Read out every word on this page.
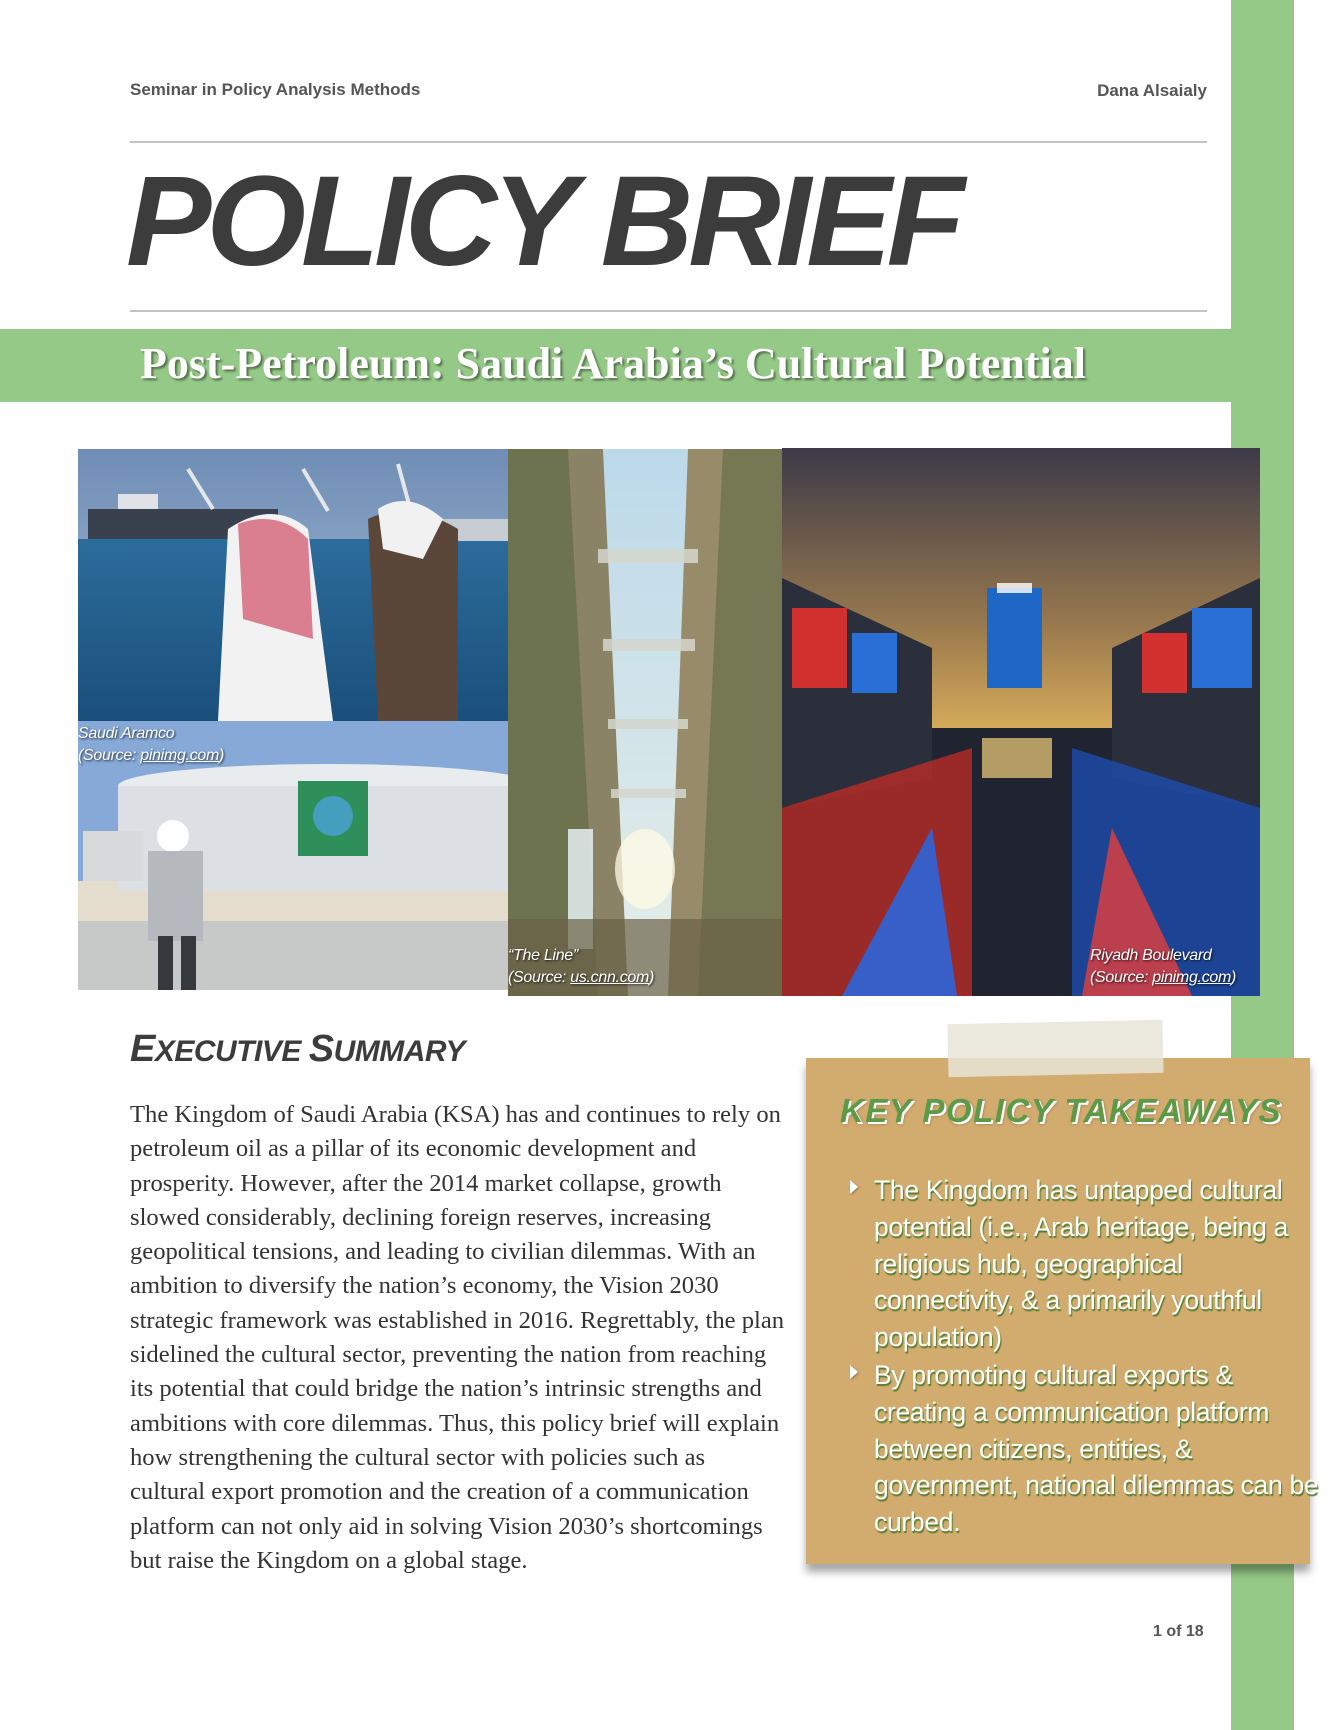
Seminar in Policy Analysis Methods	Dana Alsaialy
POLICY BRIEF
Post-Petroleum: Saudi Arabia’s Cultural Potential
Saudi Aramco
(Source: pinimg.com)
“The Line”
(Source: us.cnn.com)
Riyadh Boulevard
(Source: pinimg.com)
EXECUTIVE SUMMARY
The Kingdom of Saudi Arabia (KSA) has and continues to rely on petroleum oil as a pillar of its economic development and prosperity. However, after the 2014 market collapse, growth slowed considerably, declining foreign reserves, increasing geopolitical tensions, and leading to civilian dilemmas. With an ambition to diversify the nation’s economy, the Vision 2030 strategic framework was established in 2016. Regrettably, the plan sidelined the cultural sector, preventing the nation from reaching its potential that could bridge the nation’s intrinsic strengths and ambitions with core dilemmas. Thus, this policy brief will explain how strengthening the cultural sector with policies such as cultural export promotion and the creation of a communication platform can not only aid in solving Vision 2030’s shortcomings but raise the Kingdom on a global stage.
KEY POLICY TAKEAWAYS
The Kingdom has untapped cultural potential (i.e., Arab heritage, being a religious hub, geographical connectivity, & a primarily youthful population)
By promoting cultural exports & creating a communication platform between citizens, entities, & government, national dilemmas can be curbed.
1 of 18
